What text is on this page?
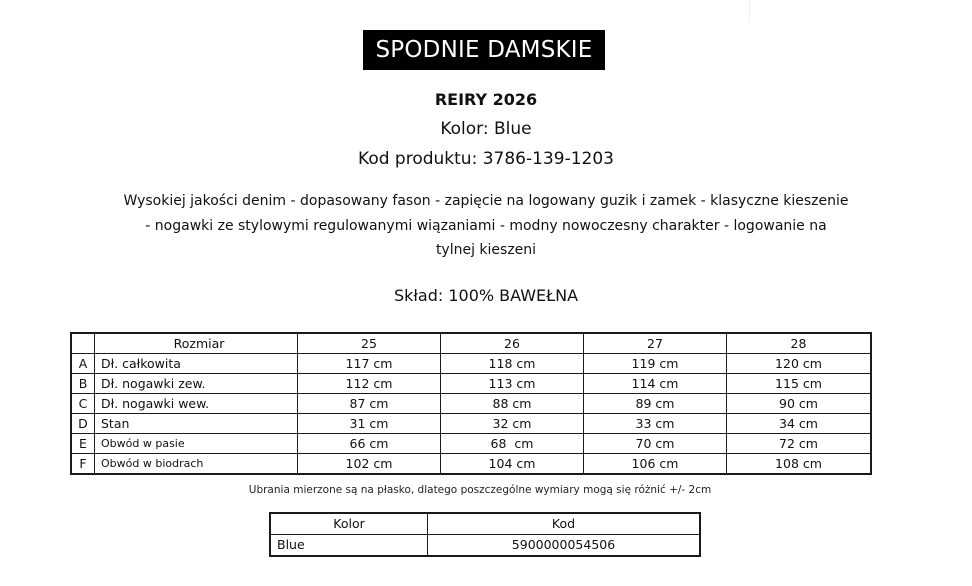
SPODNIE DAMSKIE
REIRY 2026
Kolor: Blue
Kod produktu: 3786-139-1203
Wysokiej jakości denim - dopasowany fason - zapięcie na logowany guzik i zamek - klasyczne kieszenie
- nogawki ze stylowymi regulowanymi wiązaniami - modny nowoczesny charakter - logowanie na
tylnej kieszeni
Skład: 100% BAWEŁNA
	Rozmiar	25	26	27	28
A	Dł. całkowita	117 cm	118 cm	119 cm	120 cm
B	Dł. nogawki zew.	112 cm	113 cm	114 cm	115 cm
C	Dł. nogawki wew.	87 cm	88 cm	89 cm	90 cm
D	Stan	31 cm	32 cm	33 cm	34 cm
E	Obwód w pasie	66 cm	68  cm	70 cm	72 cm
F	Obwód w biodrach	102 cm	104 cm	106 cm	108 cm
Ubrania mierzone są na płasko, dlatego poszczególne wymiary mogą się różnić +/- 2cm
Kolor	Kod
Blue	5900000054506
